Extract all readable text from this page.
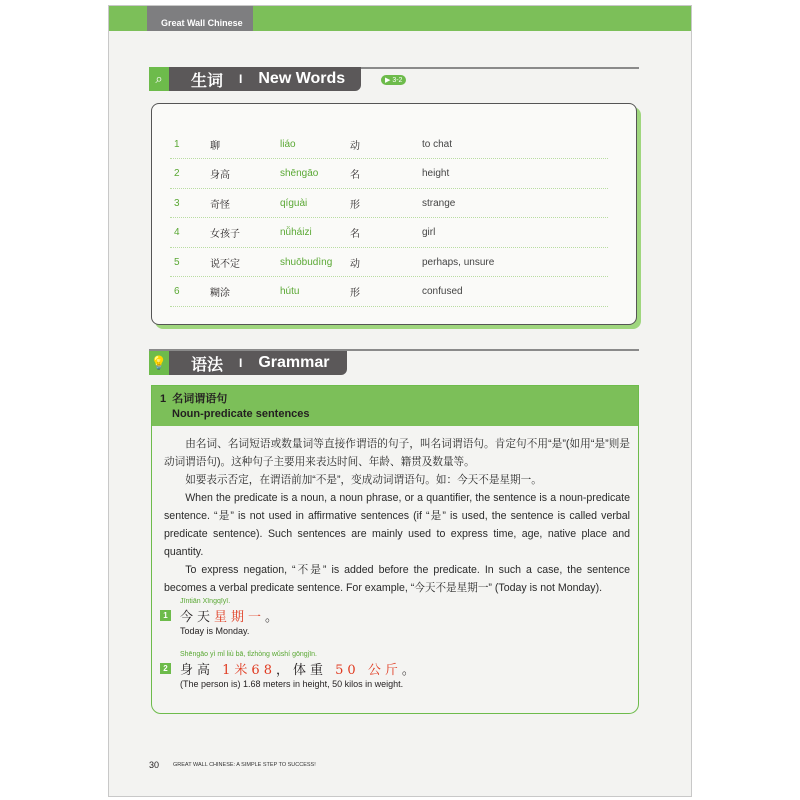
Great Wall Chinese
⌕	生词 I New Words	▶ 3-2
1	聊	liáo	动	to chat
2	身高	shēngāo	名	height
3	奇怪	qíguài	形	strange
4	女孩子	nǚháizi	名	girl
5	说不定	shuōbudìng 动	perhaps, unsure
6	糊涂	hútu	形	confused
💡 语法 I Grammar
1  名词谓语句
Noun-predicate sentences

由名词、名词短语或数量词等直接作谓语的句子，叫名词谓语句。肯定句不用“是”(如用“是”则是动词谓语句)。这种句子主要用来表达时间、年龄、籍贯及数量等。

如要表示否定，在谓语前加“不是”，变成动词谓语句。如：今天不是星期一。

When the predicate is a noun, a noun phrase, or a quantifier, the sentence is a noun-predicate sentence. “是” is not used in affirmative sentences (if “是” is used, the sentence is called verbal predicate sentence). Such sentences are mainly used to express time, age, native place and quantity.

To express negation, “不是” is added before the predicate. In such a case, the sentence becomes a verbal predicate sentence. For example, “今天不是星期一” (Today is not Monday).

Jīntiān Xīngqīyī.
1 今天星期一。
Today is Monday.
Shēngāo yì mǐ liù bā, tǐzhòng wǔshí gōngjīn.
2 身高 1米68，体重 50 公斤。
(The person is) 1.68 meters in height, 50 kilos in weight.
30	GREAT WALL CHINESE: A SIMPLE STEP TO SUCCESS!
